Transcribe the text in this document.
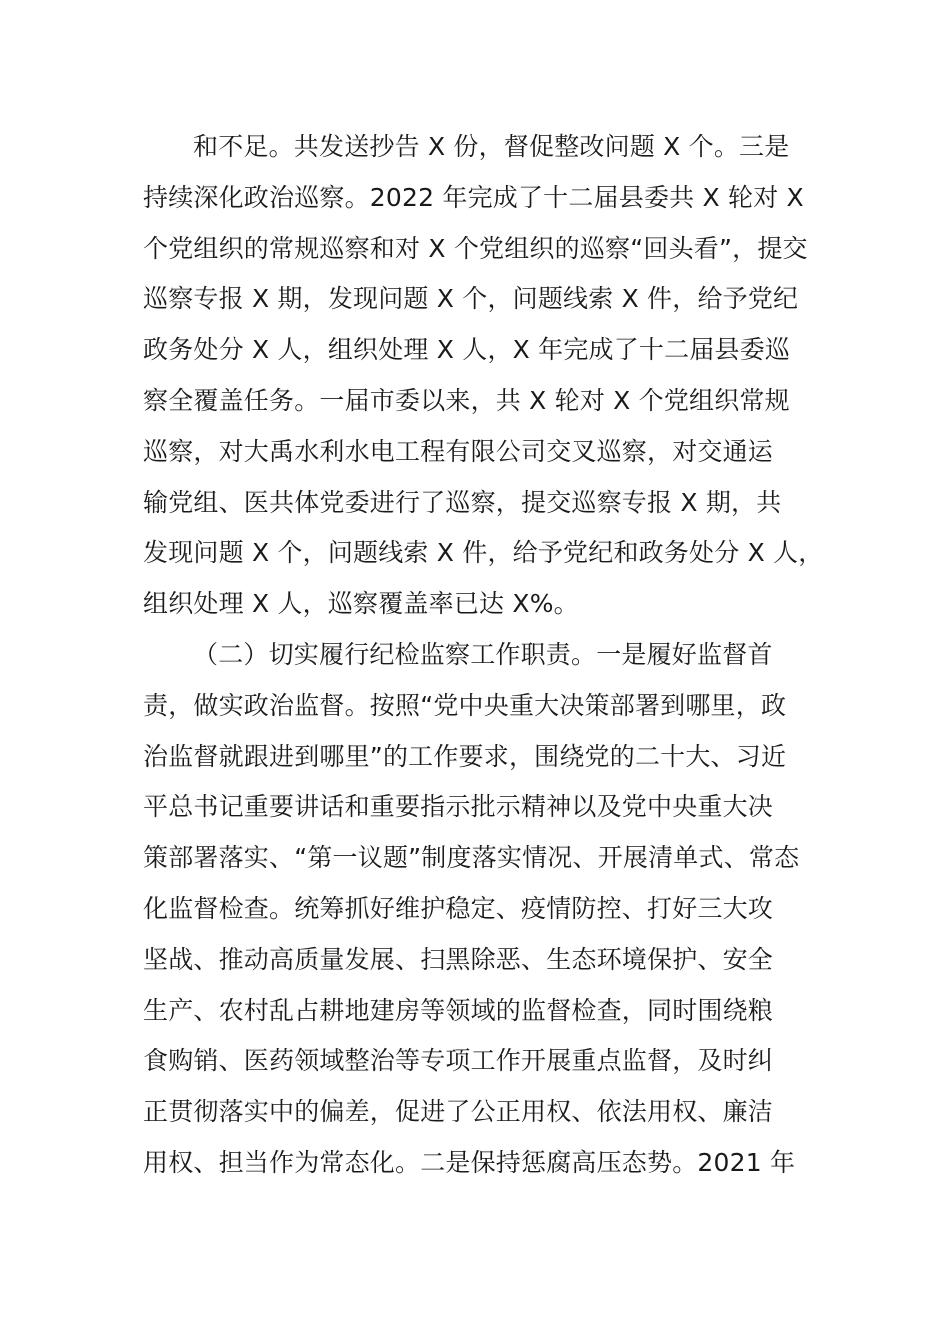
和不足。共发送抄告 X 份，督促整改问题 X 个。三是
持续深化政治巡察。2022 年完成了十二届县委共 X 轮对 X
个党组织的常规巡察和对 X 个党组织的巡察“回头看”，提交
巡察专报 X 期，发现问题 X 个，问题线索 X 件，给予党纪
政务处分 X 人，组织处理 X 人，X 年完成了十二届县委巡
察全覆盖任务。一届市委以来，共 X 轮对 X 个党组织常规
巡察，对大禹水利水电工程有限公司交叉巡察，对交通运
输党组、医共体党委进行了巡察，提交巡察专报 X 期，共
发现问题 X 个，问题线索 X 件，给予党纪和政务处分 X 人，
组织处理 X 人，巡察覆盖率已达 X%。
（二）切实履行纪检监察工作职责。一是履好监督首
责，做实政治监督。按照“党中央重大决策部署到哪里，政
治监督就跟进到哪里”的工作要求，围绕党的二十大、习近
平总书记重要讲话和重要指示批示精神以及党中央重大决
策部署落实、“第一议题”制度落实情况、开展清单式、常态
化监督检查。统筹抓好维护稳定、疫情防控、打好三大攻
坚战、推动高质量发展、扫黑除恶、生态环境保护、安全
生产、农村乱占耕地建房等领域的监督检查，同时围绕粮
食购销、医药领域整治等专项工作开展重点监督，及时纠
正贯彻落实中的偏差，促进了公正用权、依法用权、廉洁
用权、担当作为常态化。二是保持惩腐高压态势。2021 年
